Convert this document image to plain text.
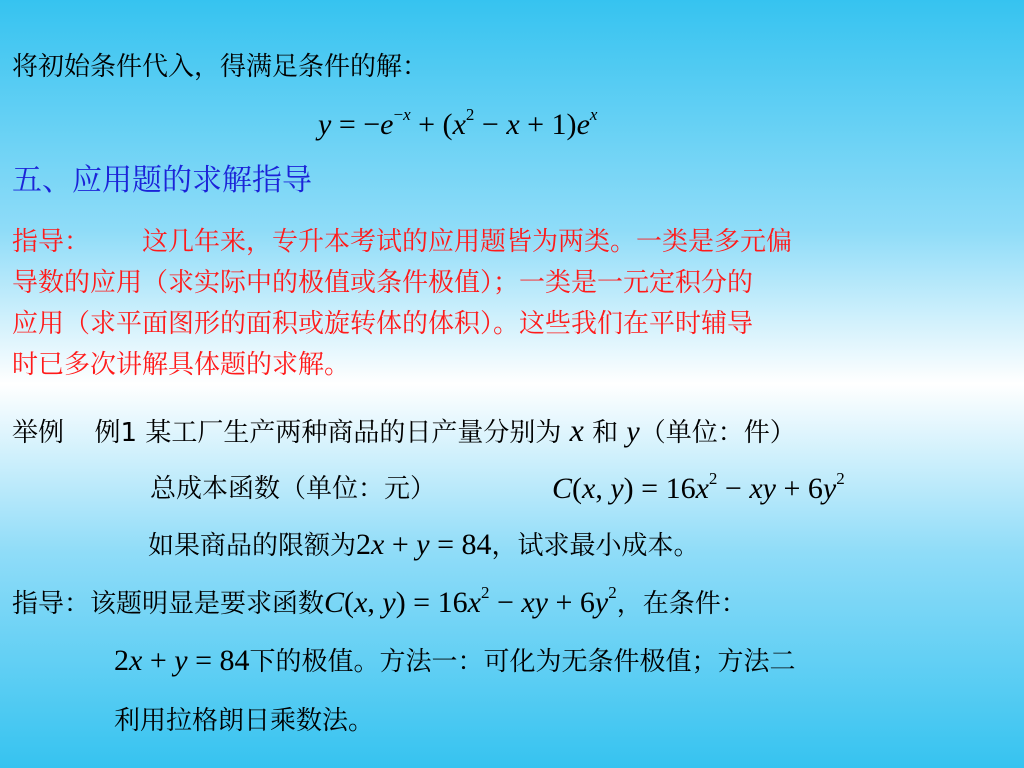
将初始条件代入，得满足条件的解：
$y = -e^{-x} + (x^2 - x + 1)e^x$
五、应用题的求解指导
指导： 这几年来，专升本考试的应用题皆为两类。一类是多元偏
导数的应用（求实际中的极值或条件极值）；一类是一元定积分的
应用（求平面图形的面积或旋转体的体积）。这些我们在平时辅导
时已多次讲解具体题的求解。
举例 例1 某工厂生产两种商品的日产量分别为 x 和 y（单位：件）
总成本函数（单位：元）	C(x, $y) = 16x^2$ − xy + $6y^2$
如果商品的限额为2x + y = 84，试求最小成本。
指导：该题明显是要求函数C(x, $y) = 16x^2$ − xy + $6y^2$，在条件：
2x + y = 84下的极值。方法一：可化为无条件极值；方法二
利用拉格朗日乘数法。
